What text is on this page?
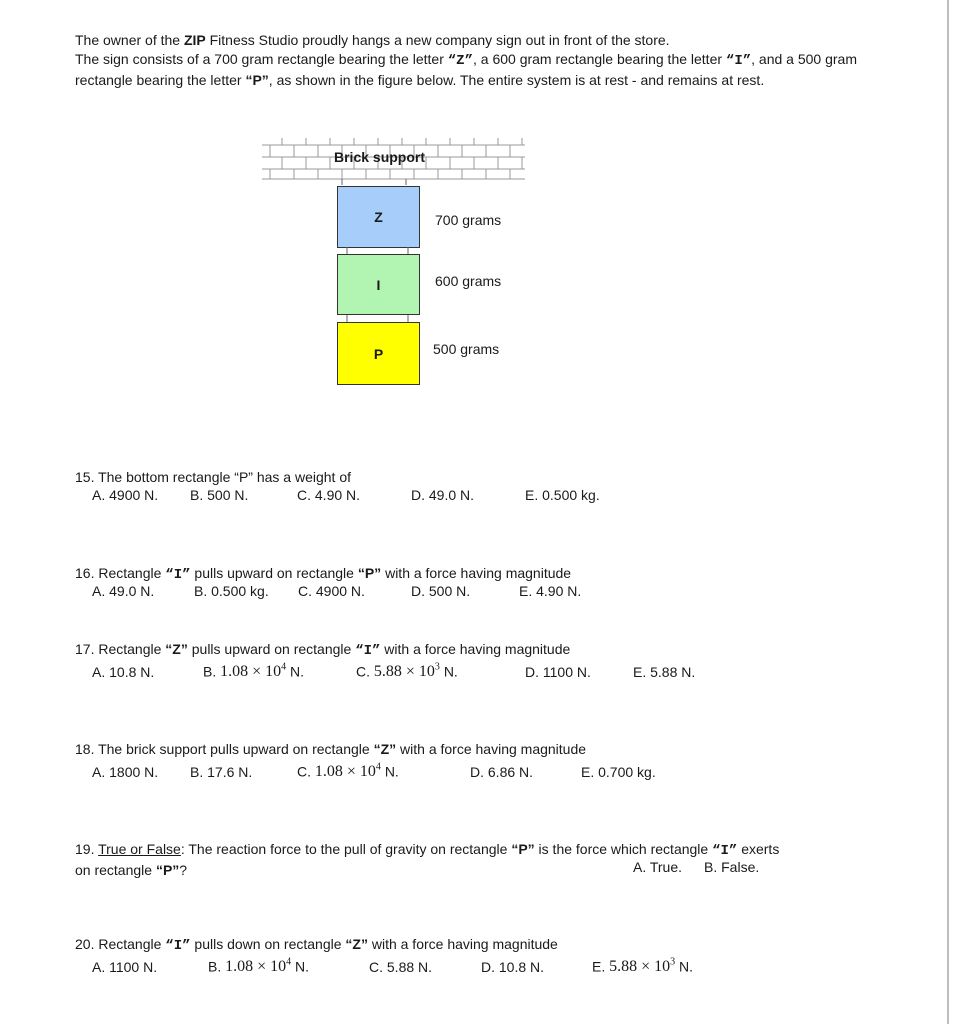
The owner of the ZIP Fitness Studio proudly hangs a new company sign out in front of the store.

The sign consists of a 700 gram rectangle bearing the letter “Z”, a 600 gram rectangle bearing the letter “I”, and a 500 gram

rectangle bearing the letter “P”, as shown in the figure below. The entire system is at rest - and remains at rest.

Brick support
Z	700 grams
I	600 grams
P	500 grams
15. The bottom rectangle “P” has a weight of
A. 4900 N. B. 500 N.	C. 4.90 N.	D. 49.0 N.	E. 0.500 kg.
16. Rectangle “I” pulls upward on rectangle “P” with a force having magnitude
A. 49.0 N.	B. 0.500 kg. C. 4900 N.	D. 500 N.	E. 4.90 N.
17. Rectangle “Z” pulls upward on rectangle “I” with a force having magnitude
A. 10.8 N.	B. $1.08 \times 10^4$ N.	C. $5.88 \times 10^3$ N.	D. 1100 N.	E. 5.88 N.
18. The brick support pulls upward on rectangle “Z” with a force having magnitude
A. 1800 N. B. 17.6 N.	C. $1.08 \times 10^4$ N.	D. 6.86 N.	E. 0.700 kg.
19. True or False: The reaction force to the pull of gravity on rectangle “P” is the force which rectangle “I” exerts
on rectangle “P”?	A. True. B. False.
20. Rectangle “I” pulls down on rectangle “Z” with a force having magnitude
A. 1100 N.	B. $1.08 \times 10^4$ N.	C. 5.88 N.	D. 10.8 N.	E. $5.88 \times 10^3$ N.
